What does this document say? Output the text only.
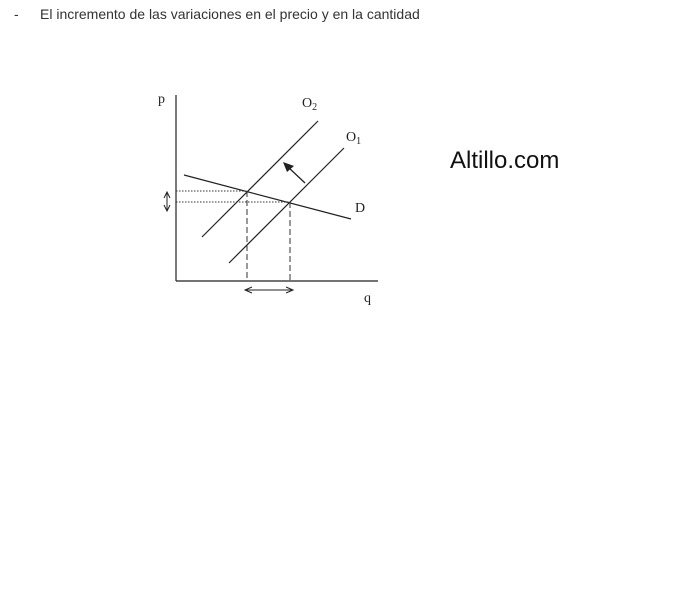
- El incremento de las variaciones en el precio y en la cantidad
p
q
O2
O1
D
Altillo.com
